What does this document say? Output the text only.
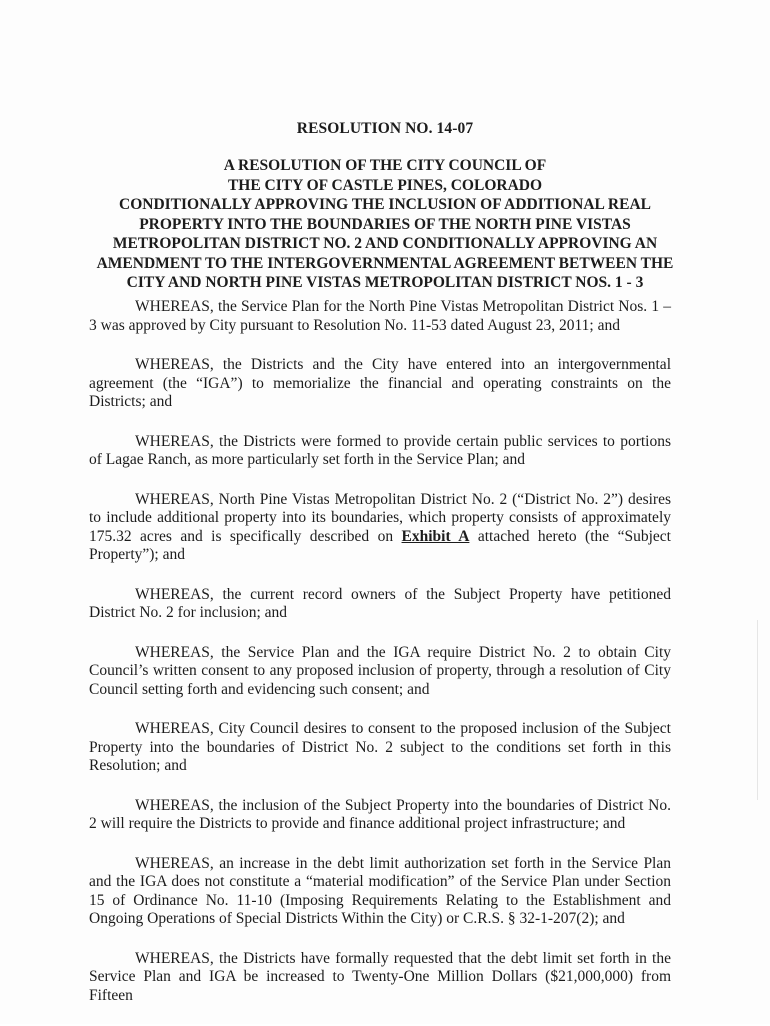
RESOLUTION NO. 14-07
A RESOLUTION OF THE CITY COUNCIL OF
THE CITY OF CASTLE PINES, COLORADO
CONDITIONALLY APPROVING THE INCLUSION OF ADDITIONAL REAL
PROPERTY INTO THE BOUNDARIES OF THE NORTH PINE VISTAS
METROPOLITAN DISTRICT NO. 2 AND CONDITIONALLY APPROVING AN
AMENDMENT TO THE INTERGOVERNMENTAL AGREEMENT BETWEEN THE
CITY AND NORTH PINE VISTAS METROPOLITAN DISTRICT NOS. 1 - 3

WHEREAS, the Service Plan for the North Pine Vistas Metropolitan District Nos. 1 – 3 was approved by City pursuant to Resolution No. 11-53 dated August 23, 2011; and

WHEREAS, the Districts and the City have entered into an intergovernmental agreement (the “IGA”) to memorialize the financial and operating constraints on the Districts; and

WHEREAS, the Districts were formed to provide certain public services to portions of Lagae Ranch, as more particularly set forth in the Service Plan; and

WHEREAS, North Pine Vistas Metropolitan District No. 2 (“District No. 2”) desires to include additional property into its boundaries, which property consists of approximately 175.32 acres and is specifically described on Exhibit A attached hereto (the “Subject Property”); and

WHEREAS, the current record owners of the Subject Property have petitioned District No. 2 for inclusion; and

WHEREAS, the Service Plan and the IGA require District No. 2 to obtain City Council’s written consent to any proposed inclusion of property, through a resolution of City Council setting forth and evidencing such consent; and

WHEREAS, City Council desires to consent to the proposed inclusion of the Subject Property into the boundaries of District No. 2 subject to the conditions set forth in this Resolution; and

WHEREAS, the inclusion of the Subject Property into the boundaries of District No. 2 will require the Districts to provide and finance additional project infrastructure; and

WHEREAS, an increase in the debt limit authorization set forth in the Service Plan and the IGA does not constitute a “material modification” of the Service Plan under Section 15 of Ordinance No. 11-10 (Imposing Requirements Relating to the Establishment and Ongoing Operations of Special Districts Within the City) or C.R.S. § 32-1-207(2); and

WHEREAS, the Districts have formally requested that the debt limit set forth in the Service Plan and IGA be increased to Twenty-One Million Dollars ($21,000,000) from Fifteen
